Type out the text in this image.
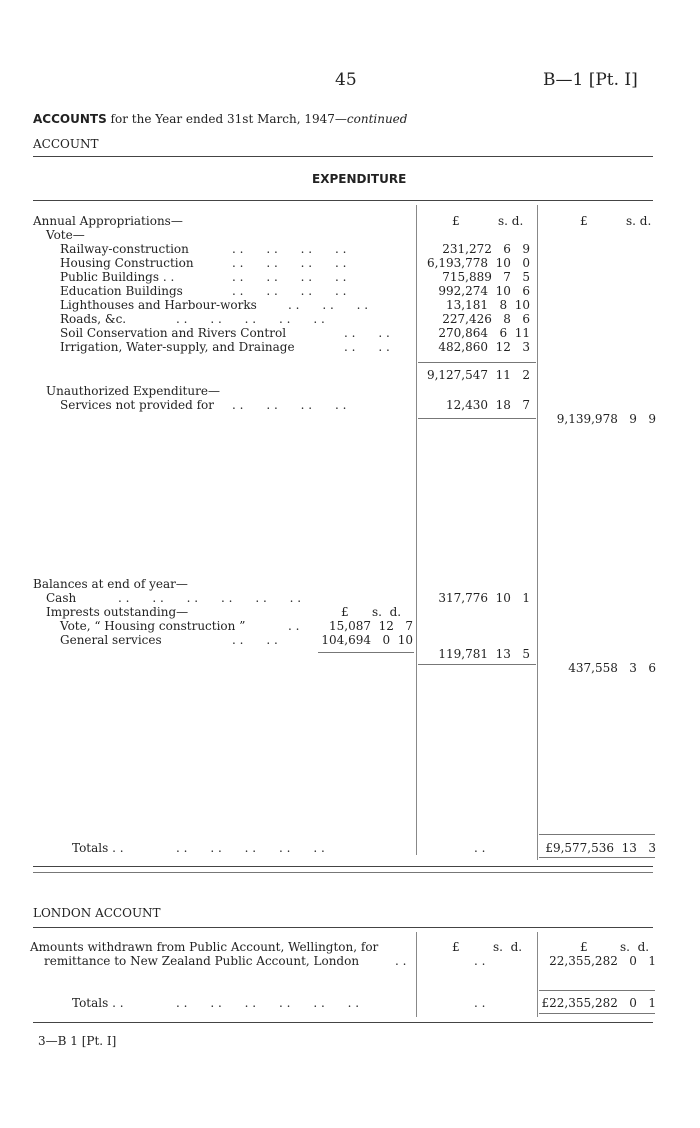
45	B—1 [Pt. I]
ACCOUNTS for the Year ended 31st March, 1947—continued
ACCOUNT
EXPENDITURE
£	s. d.	£	s. d.
Annual Appropriations—
Vote—
Railway-construction	. .      . .      . .      . .	231,272   6   9
Housing Construction	. .      . .      . .      . .	6,193,778  10   0
Public Buildings . .	. .      . .      . .      . .	715,889   7   5
Education Buildings	. .      . .      . .      . .	992,274  10   6
Lighthouses and Harbour-works	. .      . .      . .	13,181   8  10
Roads, &c.	. .      . .      . .      . .      . .	227,426   8   6
Soil Conservation and Rivers Control	. .      . .	270,864   6  11
Irrigation, Water-supply, and Drainage	. .      . .	482,860  12   3
9,127,547  11   2
Unauthorized Expenditure—
Services not provided for . .      . .      . .      . .	12,430  18   7
9,139,978   9   9
Balances at end of year—
Cash	. .      . .      . .      . .      . .      . .	317,776  10   1
Imprests outstanding—	£ s.  d.
Vote, “ Housing construction ”	. . 15,087  12   7
General services	. .      . .	104,694   0  10
119,781  13   5
437,558   3   6
Totals . .	. .      . .      . .      . .      . .	. .	£9,577,536  13   3
LONDON ACCOUNT
£	s.  d.	£	s.  d.
Amounts withdrawn from Public Account, Wellington, for
remittance to New Zealand Public Account, London	. .	. .	22,355,282   0   1
Totals . .	. .      . .      . .      . .      . .      . .	. .	£22,355,282   0   1
3—B 1 [Pt. I]
